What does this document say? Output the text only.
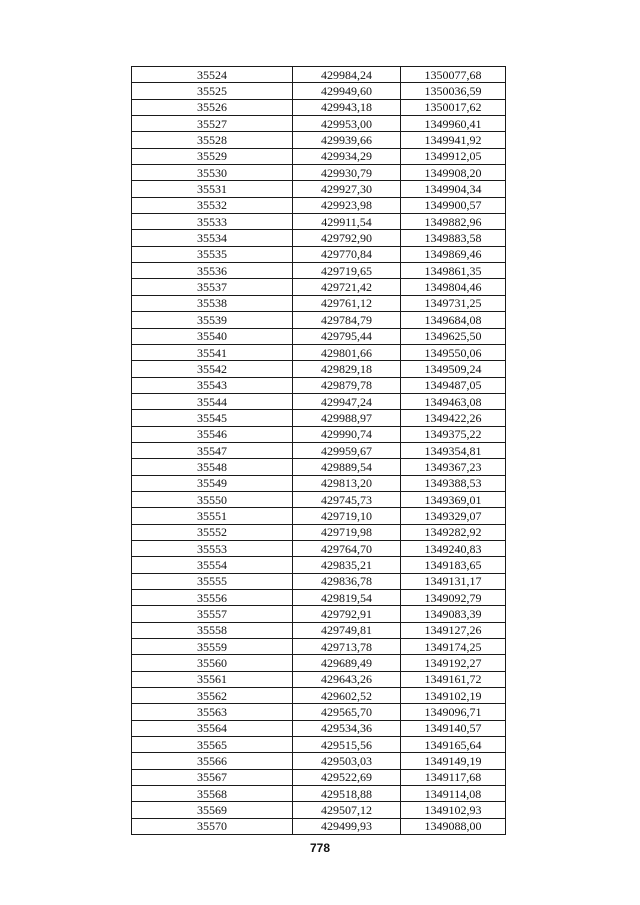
35524	429984,24	1350077,68
35525	429949,60	1350036,59
35526	429943,18	1350017,62
35527	429953,00	1349960,41
35528	429939,66	1349941,92
35529	429934,29	1349912,05
35530	429930,79	1349908,20
35531	429927,30	1349904,34
35532	429923,98	1349900,57
35533	429911,54	1349882,96
35534	429792,90	1349883,58
35535	429770,84	1349869,46
35536	429719,65	1349861,35
35537	429721,42	1349804,46
35538	429761,12	1349731,25
35539	429784,79	1349684,08
35540	429795,44	1349625,50
35541	429801,66	1349550,06
35542	429829,18	1349509,24
35543	429879,78	1349487,05
35544	429947,24	1349463,08
35545	429988,97	1349422,26
35546	429990,74	1349375,22
35547	429959,67	1349354,81
35548	429889,54	1349367,23
35549	429813,20	1349388,53
35550	429745,73	1349369,01
35551	429719,10	1349329,07
35552	429719,98	1349282,92
35553	429764,70	1349240,83
35554	429835,21	1349183,65
35555	429836,78	1349131,17
35556	429819,54	1349092,79
35557	429792,91	1349083,39
35558	429749,81	1349127,26
35559	429713,78	1349174,25
35560	429689,49	1349192,27
35561	429643,26	1349161,72
35562	429602,52	1349102,19
35563	429565,70	1349096,71
35564	429534,36	1349140,57
35565	429515,56	1349165,64
35566	429503,03	1349149,19
35567	429522,69	1349117,68
35568	429518,88	1349114,08
35569	429507,12	1349102,93
35570	429499,93	1349088,00
778
